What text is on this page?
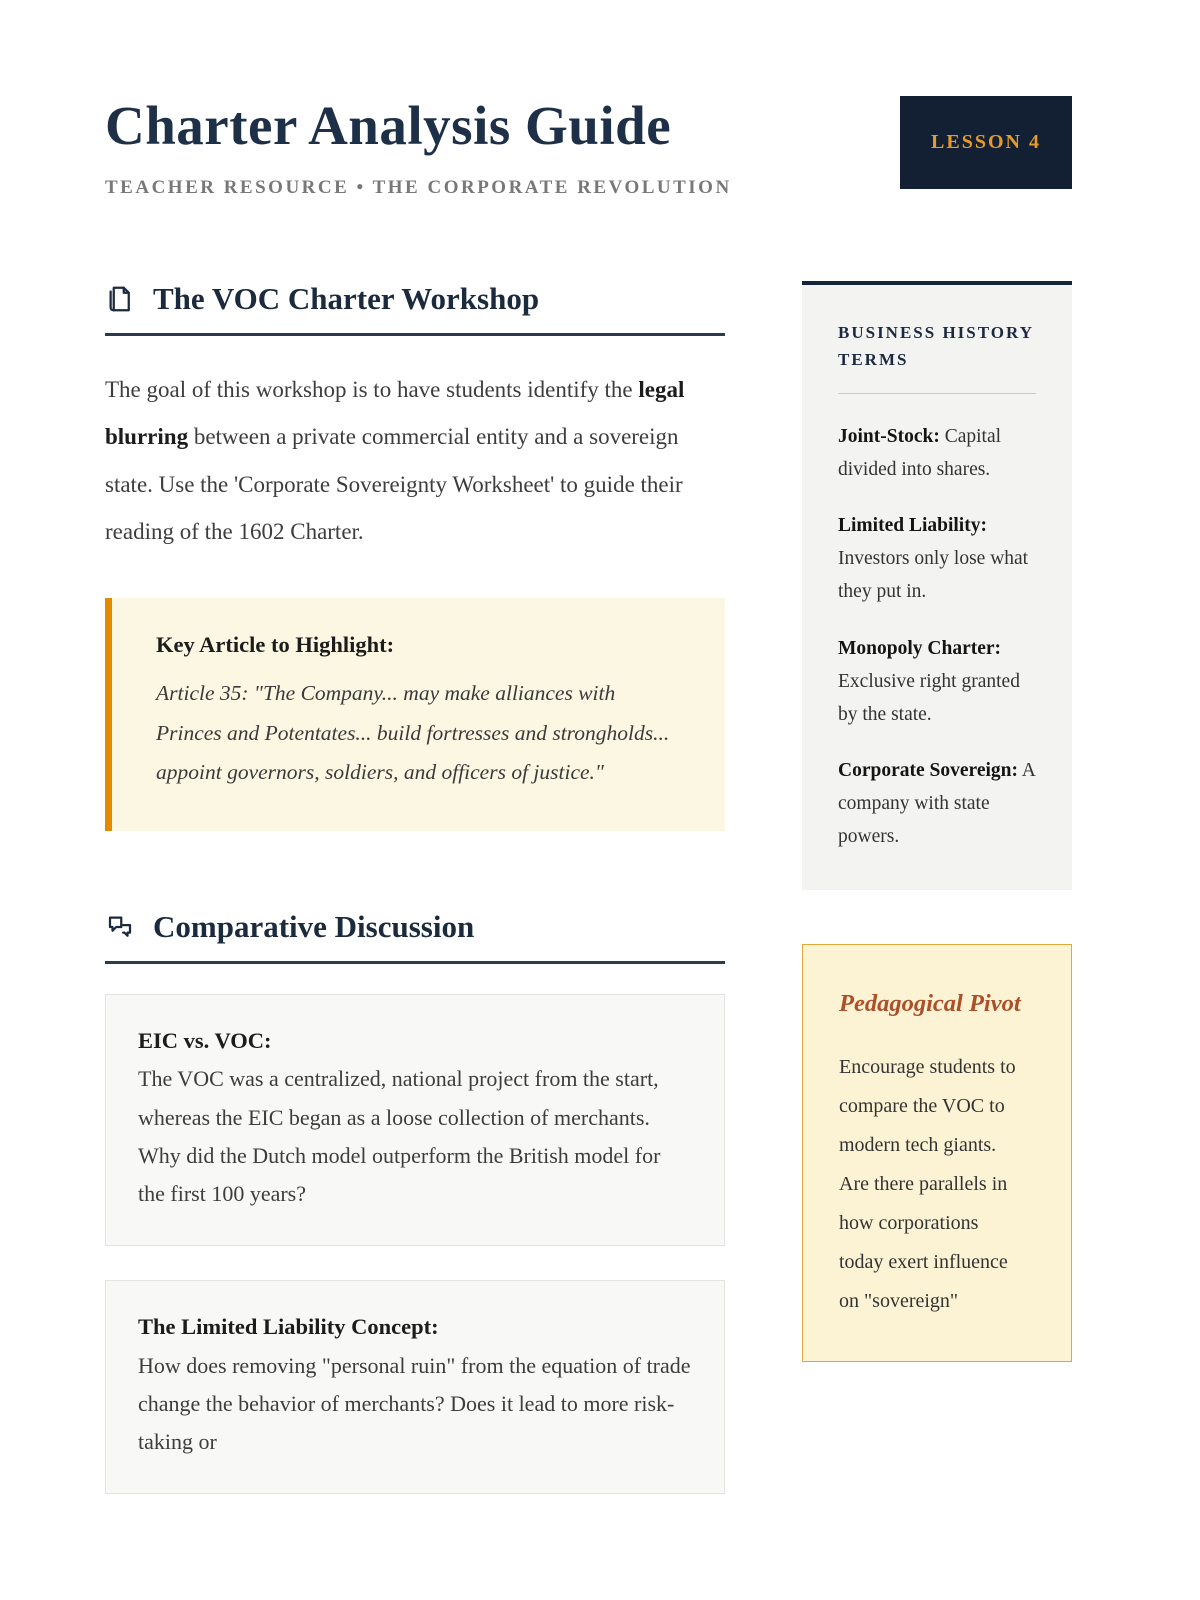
Charter Analysis Guide

TEACHER RESOURCE • THE CORPORATE REVOLUTION

LESSON 4
The VOC Charter Workshop

The goal of this workshop is to have students identify the legal blurring between a private commercial entity and a sovereign state. Use the 'Corporate Sovereignty Worksheet' to guide their reading of the 1602 Charter.

Key Article to Highlight:

Article 35: "The Company... may make alliances with Princes and Potentates... build fortresses and strongholds... appoint governors, soldiers, and officers of justice."

Comparative Discussion
EIC vs. VOC:
The VOC was a centralized, national project from the start, whereas the EIC began as a loose collection of merchants. Why did the Dutch model outperform the British model for the first 100 years?
The Limited Liability Concept:
How does removing "personal ruin" from the equation of trade change the behavior of merchants? Does it lead to more risk-taking or
BUSINESS HISTORY TERMS

Joint-Stock: Capital divided into shares.

Limited Liability: Investors only lose what they put in.

Monopoly Charter: Exclusive right granted by the state.

Corporate Sovereign: A company with state powers.

Pedagogical Pivot

Encourage students to compare the VOC to modern tech giants. Are there parallels in how corporations today exert influence on "sovereign"
